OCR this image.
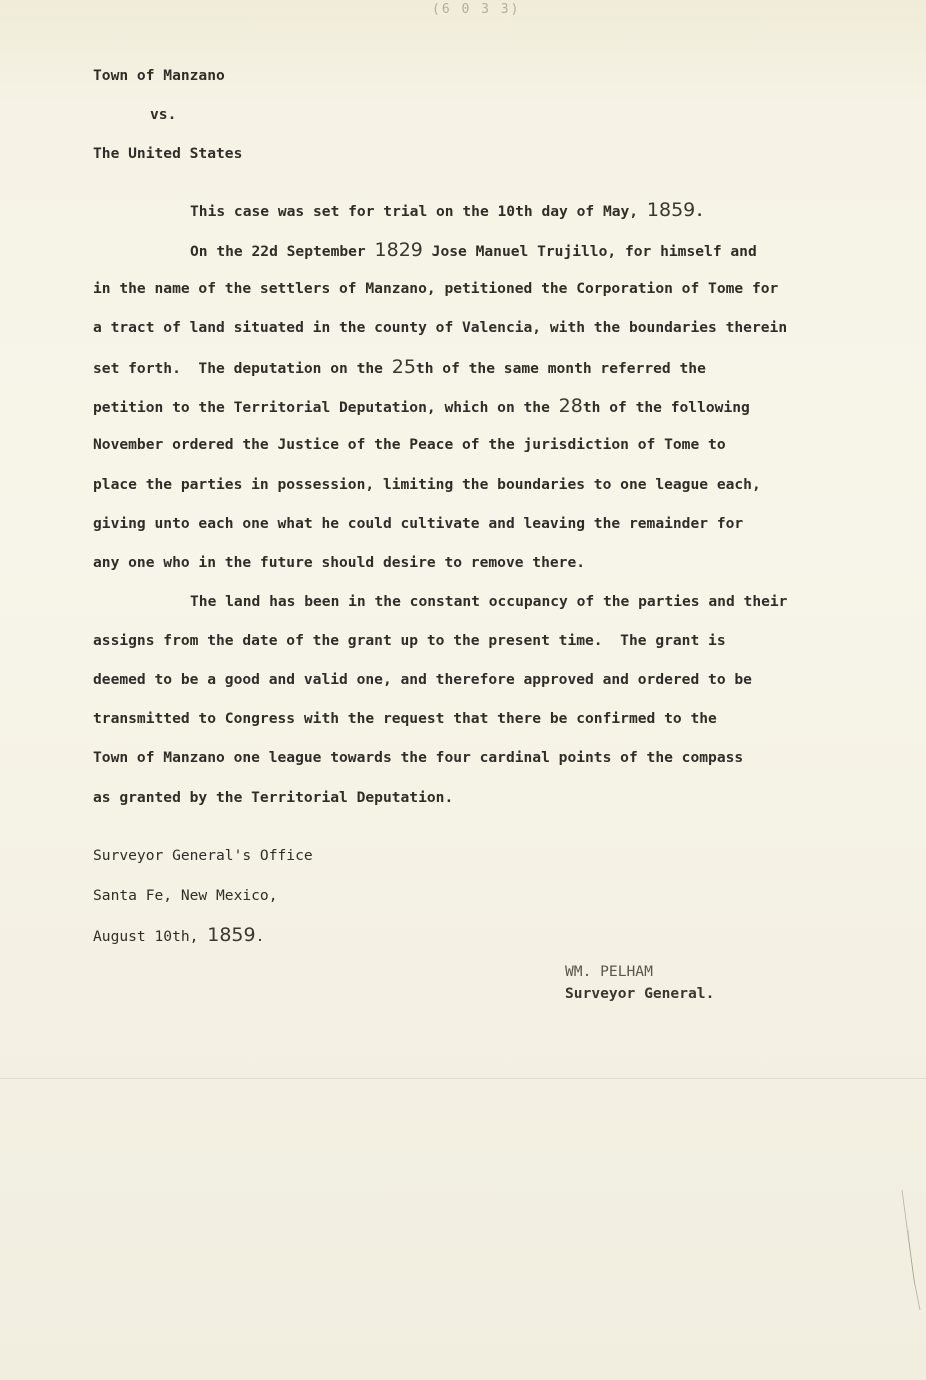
(6 0 3 3)
Town of Manzano
vs.
The United States
This case was set for trial on the 10th day of May, 1859.
On the 22d September 1829 Jose Manuel Trujillo, for himself and
in the name of the settlers of Manzano, petitioned the Corporation of Tome for
a tract of land situated in the county of Valencia, with the boundaries therein
set forth.  The deputation on the 25th of the same month referred the
petition to the Territorial Deputation, which on the 28th of the following
November ordered the Justice of the Peace of the jurisdiction of Tome to
place the parties in possession, limiting the boundaries to one league each,
giving unto each one what he could cultivate and leaving the remainder for
any one who in the future should desire to remove there.
The land has been in the constant occupancy of the parties and their
assigns from the date of the grant up to the present time.  The grant is
deemed to be a good and valid one, and therefore approved and ordered to be
transmitted to Congress with the request that there be confirmed to the
Town of Manzano one league towards the four cardinal points of the compass
as granted by the Territorial Deputation.
Surveyor General's Office
Santa Fe, New Mexico,
August 10th, 1859.
WM. PELHAM
Surveyor General.
